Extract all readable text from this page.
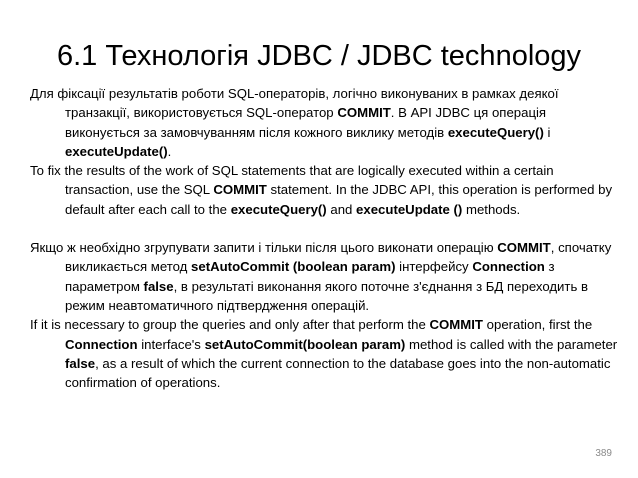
6.1 Технологія JDBC / JDBC technology

Для фіксації результатів роботи SQL-операторів, логічно виконуваних в рамках деякої транзакції, використовується SQL-оператор COMMIT. В API JDBC ця операція виконується за замовчуванням після кожного виклику методів executeQuery() і executeUpdate().

To fix the results of the work of SQL statements that are logically executed within a certain transaction, use the SQL COMMIT statement. In the JDBC API, this operation is performed by default after each call to the executeQuery() and executeUpdate () methods.

Якщо ж необхідно згрупувати запити і тільки після цього виконати операцію COMMIT, спочатку викликається метод setAutoCommit (boolean param) інтерфейсу Connection з параметром false, в результаті виконання якого поточне з'єднання з БД переходить в режим неавтоматичного підтвердження операцій.

If it is necessary to group the queries and only after that perform the COMMIT operation, first the Connection interface's setAutoCommit(boolean param) method is called with the parameter false, as a result of which the current connection to the database goes into the non-automatic confirmation of operations.

389
